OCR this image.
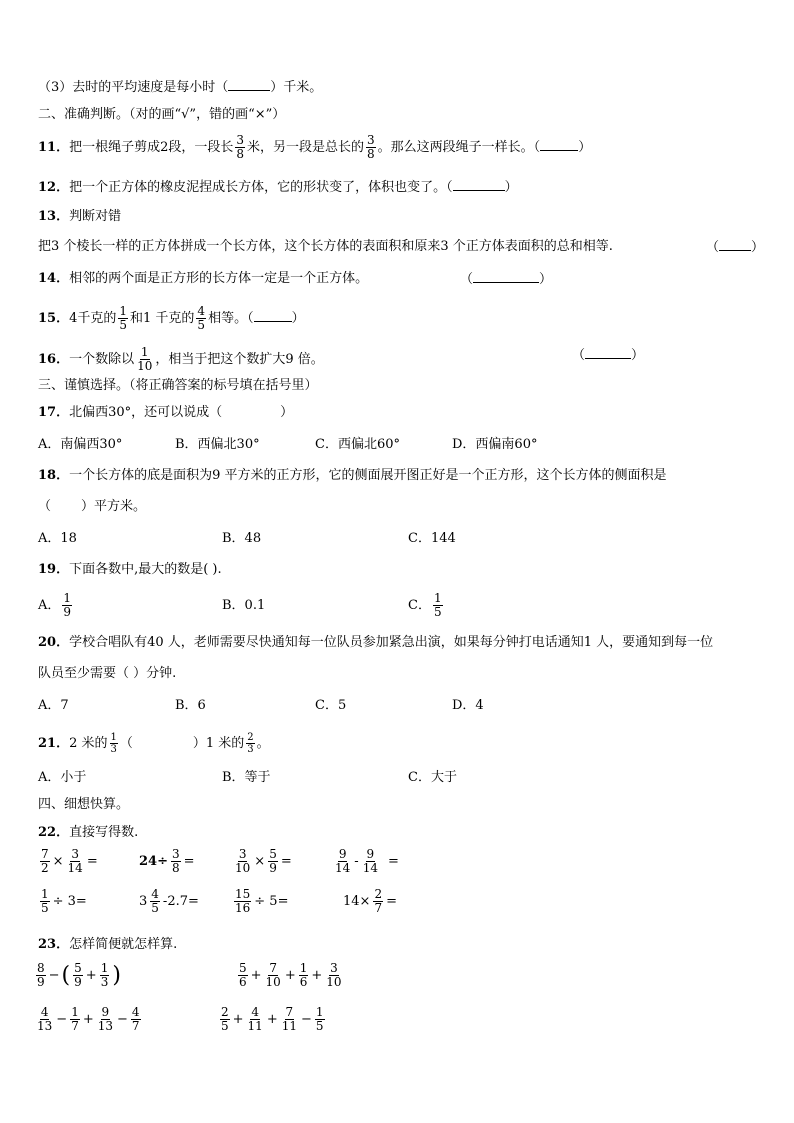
（3）去时的平均速度是每小时（	）千米。
二、准确判断。（对的画“√”，错的画“×”）
11．把一根绳子剪成2段，一段长 $\frac{3}{8}$ 米，另一段是总长的 $\frac{3}{8}$ 。那么这两段绳子一样长。（	）
12．把一个正方体的橡皮泥捏成长方体，它的形状变了，体积也变了。（	）
13．判断对错
把3 个棱长一样的正方体拼成一个长方体，这个长方体的表面积和原来3 个正方体表面积的总和相等.	（ ）
14．相邻的两个面是正方形的长方体一定是一个正方体。	（	）
15．4千克的 $\frac{1}{5}$ 和1 千克的 $\frac{4}{5}$ 相等。（	）
16．一个数除以 $\frac{1}{10}$ ，相当于把这个数扩大9 倍。	（	）
三、谨慎选择。（将正确答案的标号填在括号里）
17．北偏西30°，还可以说成（	）
A．南偏西30°	B．西偏北30°	C．西偏北60°	D．西偏南60°
18．一个长方体的底是面积为9 平方米的正方形，它的侧面展开图正好是一个正方形，这个长方体的侧面积是
（ ）平方米。
A．18	B．48	C．144
19．下面各数中,最大的数是( ).
A． $\frac{1}{9}$	B．0.1	C． $\frac{1}{5}$
20．学校合唱队有40 人，老师需要尽快通知每一位队员参加紧急出演，如果每分钟打电话通知1 人，要通知到每一位
队员至少需要（ ）分钟.
A．7	B．6	C．5	D．4
21．2 米的 $\frac{1}{3}$ （	）1 米的 $\frac{2}{3}$ 。
A．小于	B．等于	C．大于
四、细想快算。
22．直接写得数.
$\frac{7}{2} \times \frac{3}{14}$ =	$24\div \frac{3}{8}$ =	$\frac{3}{10} \times \frac{5}{9}$ =	$\frac{9}{14} - \frac{9}{14}$ =
$\frac{1}{5} \div 3=$	$3 \frac{4}{5} -2.7=$	$\frac{15}{16} \div 5=$	$14\times \frac{2}{7}$ =
23．怎样简便就怎样算.
$\frac{8}{9}$ −( $\frac{5}{9} + \frac{1}{3}$ )	$\frac{5}{6} + \frac{7}{10} + \frac{1}{6} + \frac{3}{10}$
$\frac{4}{13} - \frac{1}{7} + \frac{9}{13} - \frac{4}{7}$	$\frac{2}{5} + \frac{4}{11} + \frac{7}{11} - \frac{1}{5}$
